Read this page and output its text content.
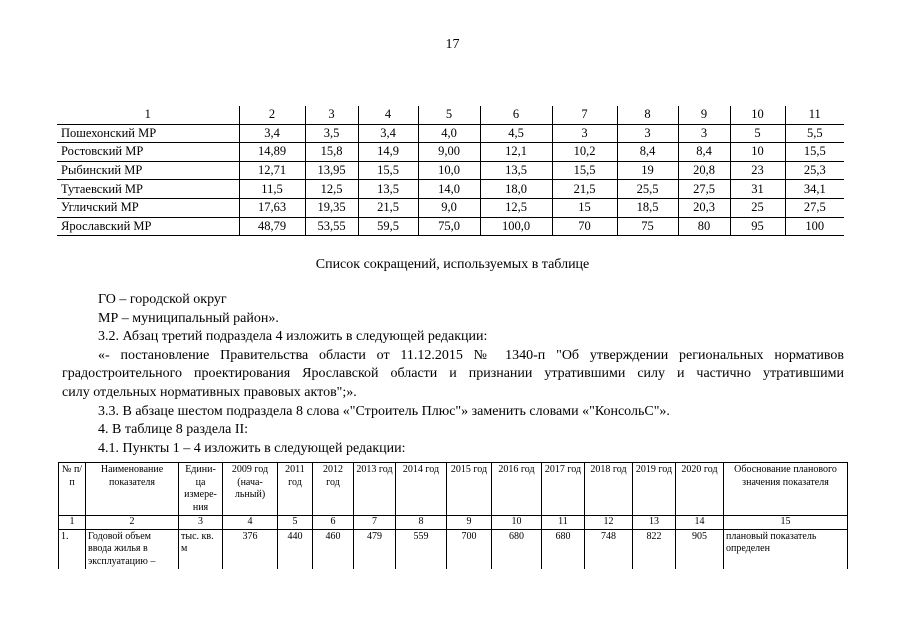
17
1	2	3	4	5	6	7	8	9	10	11
Пошехонский МР	3,4	3,5	3,4	4,0	4,5	3	3	3	5	5,5
Ростовский МР	14,89	15,8	14,9	9,00	12,1	10,2	8,4	8,4	10	15,5
Рыбинский МР	12,71	13,95	15,5	10,0	13,5	15,5	19	20,8	23	25,3
Тутаевский МР	11,5	12,5	13,5	14,0	18,0	21,5	25,5	27,5	31	34,1
Угличский МР	17,63	19,35	21,5	9,0	12,5	15	18,5	20,3	25	27,5
Ярославский МР	48,79	53,55	59,5	75,0	100,0	70	75	80	95	100
Список сокращений, используемых в таблице

ГО – городской округ

МР – муниципальный район».

3.2. Абзац третий подраздела 4 изложить в следующей редакции:

«- постановление Правительства области от 11.12.2015 № 1340-п "Об утверждении региональных нормативов

градостроительного проектирования Ярославской области и признании утратившими силу и частично утратившими

силу отдельных нормативных правовых актов";».

3.3. В абзаце шестом подраздела 8 слова «"Строитель Плюс"» заменить словами «"КонсольС"».

4. В таблице 8 раздела II:

4.1. Пункты 1 – 4 изложить в следующей редакции:

№ п/п	Наименование показателя	Едини-ца измере-ния	2009 год (нача-льный)	2011 год	2012 год	2013 год	2014 год	2015 год	2016 год	2017 год	2018 год	2019 год	2020 год	Обоснование планового значения показателя
1	2	3	4	5	6	7	8	9	10	11	12	13	14	15
1.	Годовой объем ввода жилья в эксплуатацию –	тыс. кв. м	376	440	460	479	559	700	680	680	748	822	905	плановый показатель определен
